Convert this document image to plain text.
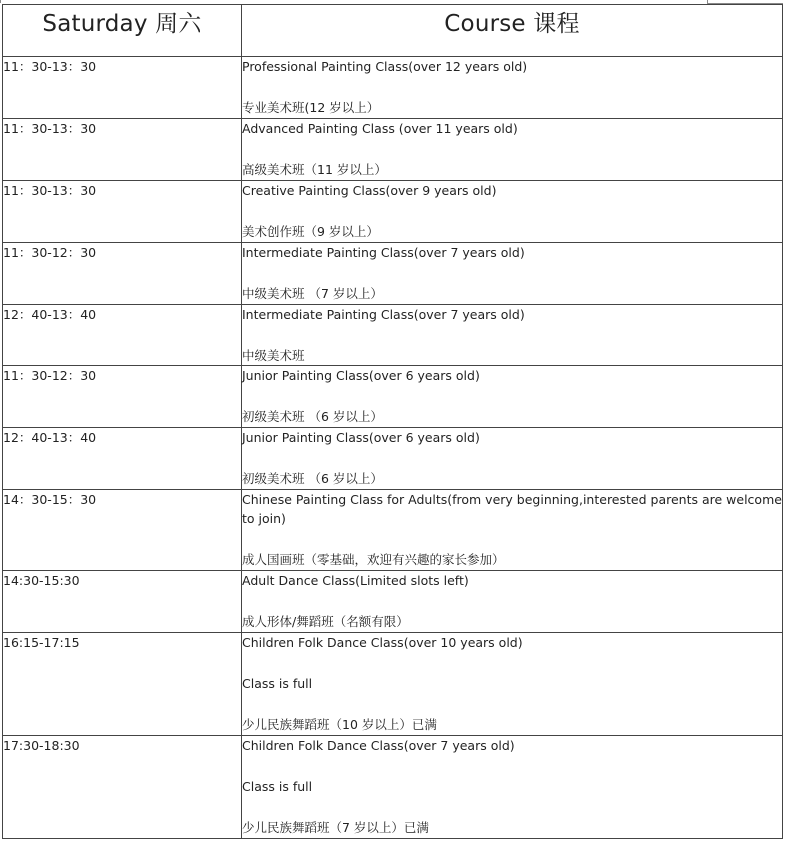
Saturday 周六	Course 课程
11：30-13：30	Professional Painting Class(over 12 years old)
专业美术班(12 岁以上）

11：30-13：30	Advanced Painting Class (over 11 years old)
高级美术班（11 岁以上）

11：30-13：30	Creative Painting Class(over 9 years old)
美术创作班（9 岁以上）

11：30-12：30	Intermediate Painting Class(over 7 years old)
中级美术班 （7 岁以上）

12：40-13：40	Intermediate Painting Class(over 7 years old)
中级美术班

11：30-12：30	Junior Painting Class(over 6 years old)
初级美术班 （6 岁以上）

12：40-13：40	Junior Painting Class(over 6 years old)
初级美术班 （6 岁以上）

14：30-15：30	Chinese Painting Class for Adults(from very beginning,interested parents are welcome to join)
成人国画班（零基础，欢迎有兴趣的家长参加）

14:30-15:30	Adult Dance Class(Limited slots left)
成人形体/舞蹈班（名额有限）

16:15-17:15	Children Folk Dance Class(over 10 years old)
Class is full
少儿民族舞蹈班（10 岁以上）已满

17:30-18:30	Children Folk Dance Class(over 7 years old)
Class is full
少儿民族舞蹈班（7 岁以上）已满
